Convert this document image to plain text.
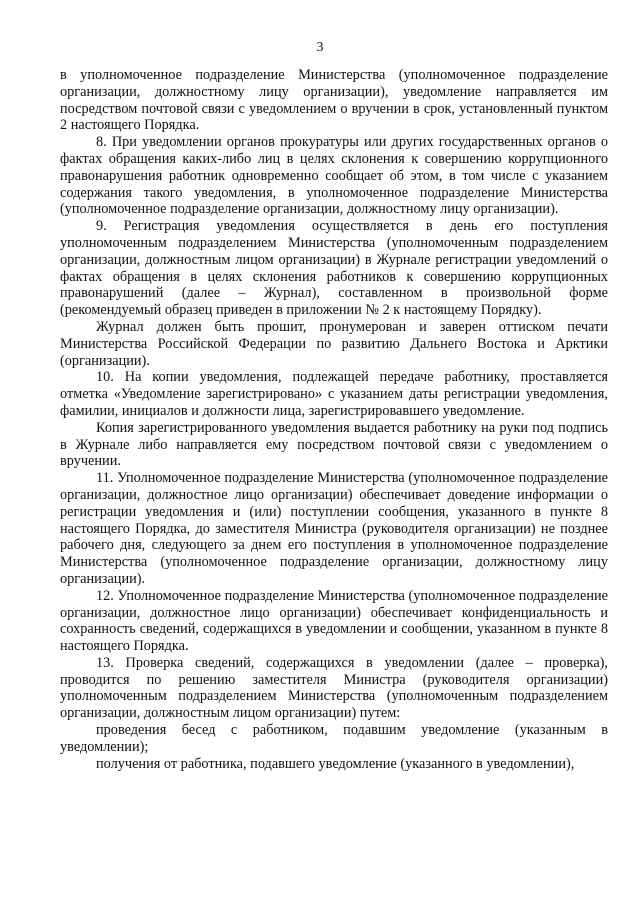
3

в уполномоченное подразделение Министерства (уполномоченное подразделение организации, должностному лицу организации), уведомление направляется им посредством почтовой связи с уведомлением о вручении в срок, установленный пунктом 2 настоящего Порядка.

8. При уведомлении органов прокуратуры или других государственных органов о фактах обращения каких-либо лиц в целях склонения к совершению коррупционного правонарушения работник одновременно сообщает об этом, в том числе с указанием содержания такого уведомления, в уполномоченное подразделение Министерства (уполномоченное подразделение организации, должностному лицу организации).

9. Регистрация уведомления осуществляется в день его поступления уполномоченным подразделением Министерства (уполномоченным подразделением организации, должностным лицом организации) в Журнале регистрации уведомлений о фактах обращения в целях склонения работников к совершению коррупционных правонарушений (далее – Журнал), составленном в произвольной форме (рекомендуемый образец приведен в приложении № 2 к настоящему Порядку).

Журнал должен быть прошит, пронумерован и заверен оттиском печати Министерства Российской Федерации по развитию Дальнего Востока и Арктики (организации).

10. На копии уведомления, подлежащей передаче работнику, проставляется отметка «Уведомление зарегистрировано» с указанием даты регистрации уведомления, фамилии, инициалов и должности лица, зарегистрировавшего уведомление.

Копия зарегистрированного уведомления выдается работнику на руки под подпись в Журнале либо направляется ему посредством почтовой связи с уведомлением о вручении.

11. Уполномоченное подразделение Министерства (уполномоченное подразделение организации, должностное лицо организации) обеспечивает доведение информации о регистрации уведомления и (или) поступлении сообщения, указанного в пункте 8 настоящего Порядка, до заместителя Министра (руководителя организации) не позднее рабочего дня, следующего за днем его поступления в уполномоченное подразделение Министерства (уполномоченное подразделение организации, должностному лицу организации).

12. Уполномоченное подразделение Министерства (уполномоченное подразделение организации, должностное лицо организации) обеспечивает конфиденциальность и сохранность сведений, содержащихся в уведомлении и сообщении, указанном в пункте 8 настоящего Порядка.

13. Проверка сведений, содержащихся в уведомлении (далее – проверка), проводится по решению заместителя Министра (руководителя организации) уполномоченным подразделением Министерства (уполномоченным подразделением организации, должностным лицом организации) путем:

проведения бесед с работником, подавшим уведомление (указанным в уведомлении);

получения от работника, подавшего уведомление (указанного в уведомлении),
